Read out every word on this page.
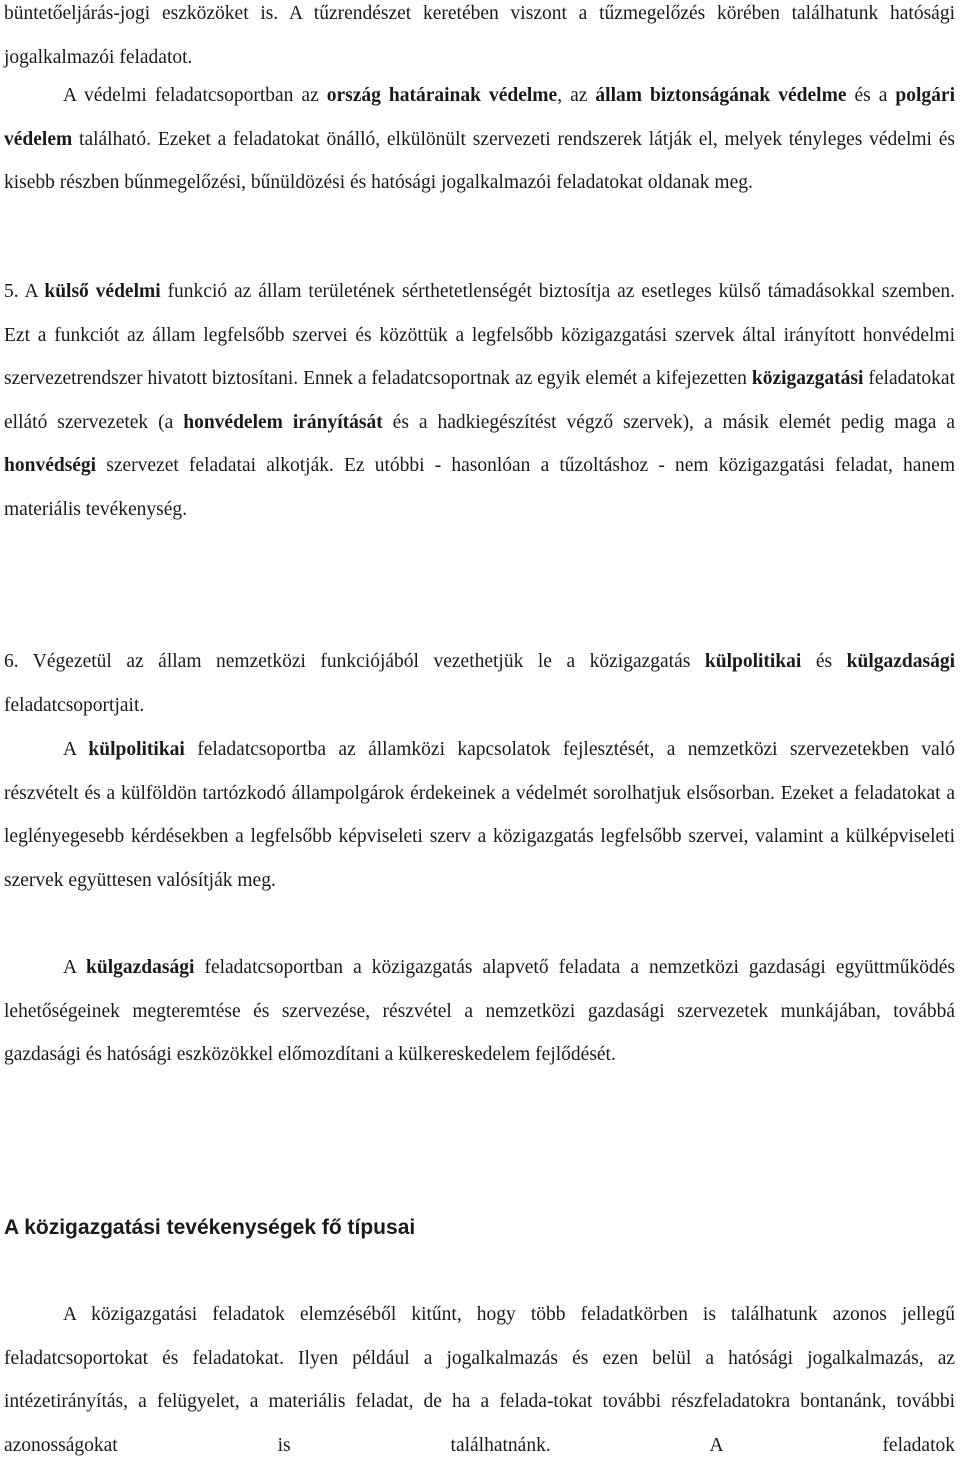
büntetőeljárás-jogi eszközöket is. A tűzrendészet keretében viszont a tűzmegelőzés körében találhatunk hatósági jogalkalmazói feladatot.

A védelmi feladatcsoportban az ország határainak védelme, az állam biztonságának védelme és a polgári védelem található. Ezeket a feladatokat önálló, elkülönült szervezeti rendszerek látják el, melyek tényleges védelmi és kisebb részben bűnmegelőzési, bűnüldözési és hatósági jogalkalmazói feladatokat oldanak meg.

5. A külső védelmi funkció az állam területének sérthetetlenségét biztosítja az esetleges külső támadásokkal szemben. Ezt a funkciót az állam legfelsőbb szervei és közöttük a legfelsőbb közigazgatási szervek által irányított honvédelmi szervezetrendszer hivatott biztosítani. Ennek a feladatcsoportnak az egyik elemét a kifejezetten közigazgatási feladatokat ellátó szervezetek (a honvédelem irányítását és a hadkiegészítést végző szervek), a másik elemét pedig maga a honvédségi szervezet feladatai alkotják. Ez utóbbi - hasonlóan a tűzoltáshoz - nem közigazgatási feladat, hanem materiális tevékenység.

6. Végezetül az állam nemzetközi funkciójából vezethetjük le a közigazgatás külpolitikai és külgazdasági feladatcsoportjait.

A külpolitikai feladatcsoportba az államközi kapcsolatok fejlesztését, a nemzetközi szervezetekben való részvételt és a külföldön tartózkodó állampolgárok érdekeinek a védelmét sorolhatjuk elsősorban. Ezeket a feladatokat a leglényegesebb kérdésekben a legfelsőbb képviseleti szerv a közigazgatás legfelsőbb szervei, valamint a külképviseleti szervek együttesen valósítják meg.

A külgazdasági feladatcsoportban a közigazgatás alapvető feladata a nemzetközi gazdasági együttműködés lehetőségeinek megteremtése és szervezése, részvétel a nemzetközi gazdasági szervezetek munkájában, továbbá gazdasági és hatósági eszközökkel előmozdítani a külkereskedelem fejlődését.

A közigazgatási tevékenységek fő típusai

A közigazgatási feladatok elemzéséből kitűnt, hogy több feladatkörben is találhatunk azonos jellegű feladatcsoportokat és feladatokat. Ilyen például a jogalkalmazás és ezen belül a hatósági jogalkalmazás, az intézetirányítás, a felügyelet, a materiális feladat, de ha a felada-tokat további részfeladatokra bontanánk, további azonosságokat is találhatnánk. A feladatok
